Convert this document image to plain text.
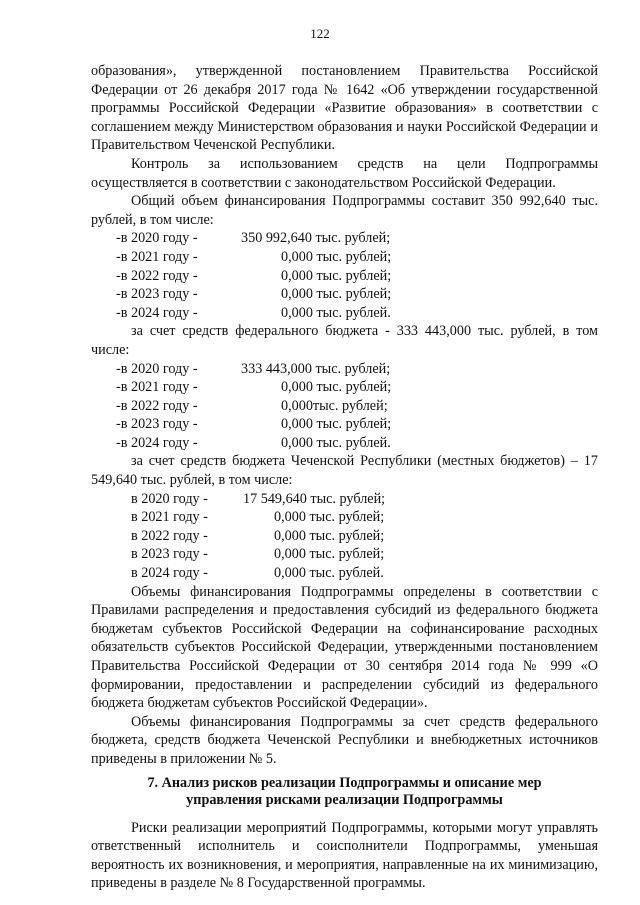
122

образования», утвержденной постановлением Правительства Российской Федерации от 26 декабря 2017 года № 1642 «Об утверждении государственной программы Российской Федерации «Развитие образования» в соответствии с соглашением между Министерством образования и науки Российской Федерации и Правительством Чеченской Республики.

Контроль за использованием средств на цели Подпрограммы осуществляется в соответствии с законодательством Российской Федерации.

Общий объем финансирования Подпрограммы составит 350 992,640 тыс. рублей, в том числе:

-в 2020 году -	350 992,640 тыс. рублей;
-в 2021 году -	0,000 тыс. рублей;
-в 2022 году -	0,000 тыс. рублей;
-в 2023 году -	0,000 тыс. рублей;
-в 2024 году -	0,000 тыс. рублей.

за счет средств федерального бюджета - 333 443,000 тыс. рублей, в том числе:

-в 2020 году -	333 443,000 тыс. рублей;
-в 2021 году -	0,000 тыс. рублей;
-в 2022 году -	0,000тыс. рублей;
-в 2023 году -	0,000 тыс. рублей;
-в 2024 году -	0,000 тыс. рублей.

за счет средств бюджета Чеченской Республики (местных бюджетов) – 17 549,640 тыс. рублей, в том числе:

в 2020 году - 17 549,640 тыс. рублей;
в 2021 году -	0,000 тыс. рублей;
в 2022 году -	0,000 тыс. рублей;
в 2023 году -	0,000 тыс. рублей;
в 2024 году -	0,000 тыс. рублей.

Объемы финансирования Подпрограммы определены в соответствии с Правилами распределения и предоставления субсидий из федерального бюджета бюджетам субъектов Российской Федерации на софинансирование расходных обязательств субъектов Российской Федерации, утвержденными постановлением Правительства Российской Федерации от 30 сентября 2014 года № 999 «О формировании, предоставлении и распределении субсидий из федерального бюджета бюджетам субъектов Российской Федерации».

Объемы финансирования Подпрограммы за счет средств федерального бюджета, средств бюджета Чеченской Республики и внебюджетных источников приведены в приложении № 5.

7. Анализ рисков реализации Подпрограммы и описание мер
управления рисками реализации Подпрограммы

Риски реализации мероприятий Подпрограммы, которыми могут управлять ответственный исполнитель и соисполнители Подпрограммы, уменьшая вероятность их возникновения, и мероприятия, направленные на их минимизацию, приведены в разделе № 8 Государственной программы.
